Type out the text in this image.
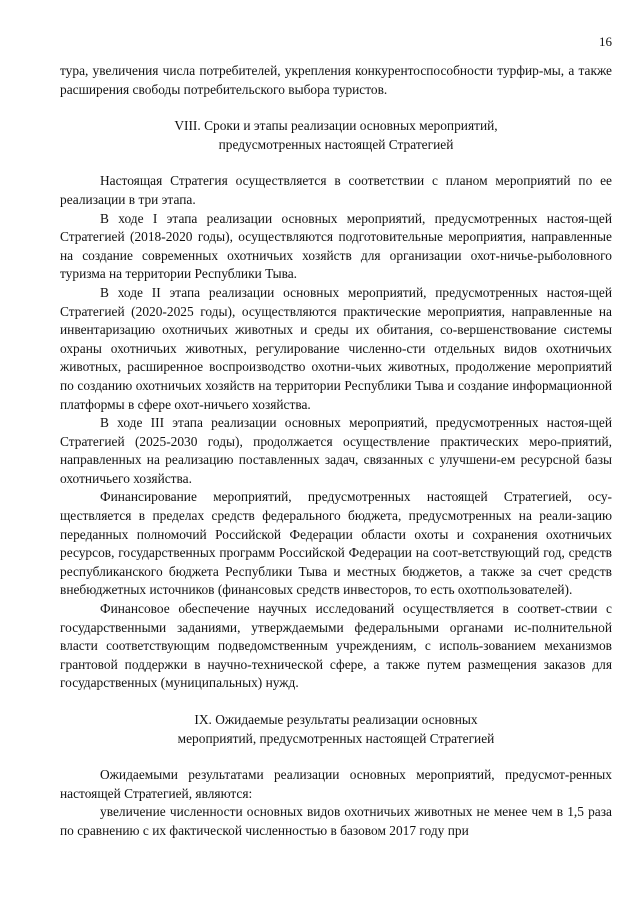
16

тура, увеличения числа потребителей, укрепления конкурентоспособности турфир-мы, а также расширения свободы потребительского выбора туристов.

VIII. Сроки и этапы реализации основных мероприятий,
предусмотренных настоящей Стратегией

Настоящая Стратегия осуществляется в соответствии с планом мероприятий по ее реализации в три этапа.

В ходе I этапа реализации основных мероприятий, предусмотренных настоя-щей Стратегией (2018-2020 годы), осуществляются подготовительные мероприятия, направленные на создание современных охотничьих хозяйств для организации охот-ничье-рыболовного туризма на территории Республики Тыва.

В ходе II этапа реализации основных мероприятий, предусмотренных настоя-щей Стратегией (2020-2025 годы), осуществляются практические мероприятия, направленные на инвентаризацию охотничьих животных и среды их обитания, со-вершенствование системы охраны охотничьих животных, регулирование численно-сти отдельных видов охотничьих животных, расширенное воспроизводство охотни-чьих животных, продолжение мероприятий по созданию охотничьих хозяйств на территории Республики Тыва и создание информационной платформы в сфере охот-ничьего хозяйства.

В ходе III этапа реализации основных мероприятий, предусмотренных настоя-щей Стратегией (2025-2030 годы), продолжается осуществление практических меро-приятий, направленных на реализацию поставленных задач, связанных с улучшени-ем ресурсной базы охотничьего хозяйства.

Финансирование мероприятий, предусмотренных настоящей Стратегией, осу-ществляется в пределах средств федерального бюджета, предусмотренных на реали-зацию переданных полномочий Российской Федерации области охоты и сохранения охотничьих ресурсов, государственных программ Российской Федерации на соот-ветствующий год, средств республиканского бюджета Республики Тыва и местных бюджетов, а также за счет средств внебюджетных источников (финансовых средств инвесторов, то есть охотпользователей).

Финансовое обеспечение научных исследований осуществляется в соответ-ствии с государственными заданиями, утверждаемыми федеральными органами ис-полнительной власти соответствующим подведомственным учреждениям, с исполь-зованием механизмов грантовой поддержки в научно-технической сфере, а также путем размещения заказов для государственных (муниципальных) нужд.

IX. Ожидаемые результаты реализации основных
мероприятий, предусмотренных настоящей Стратегией

Ожидаемыми результатами реализации основных мероприятий, предусмот-ренных настоящей Стратегией, являются:

увеличение численности основных видов охотничьих животных не менее чем в 1,5 раза по сравнению с их фактической численностью в базовом 2017 году при
